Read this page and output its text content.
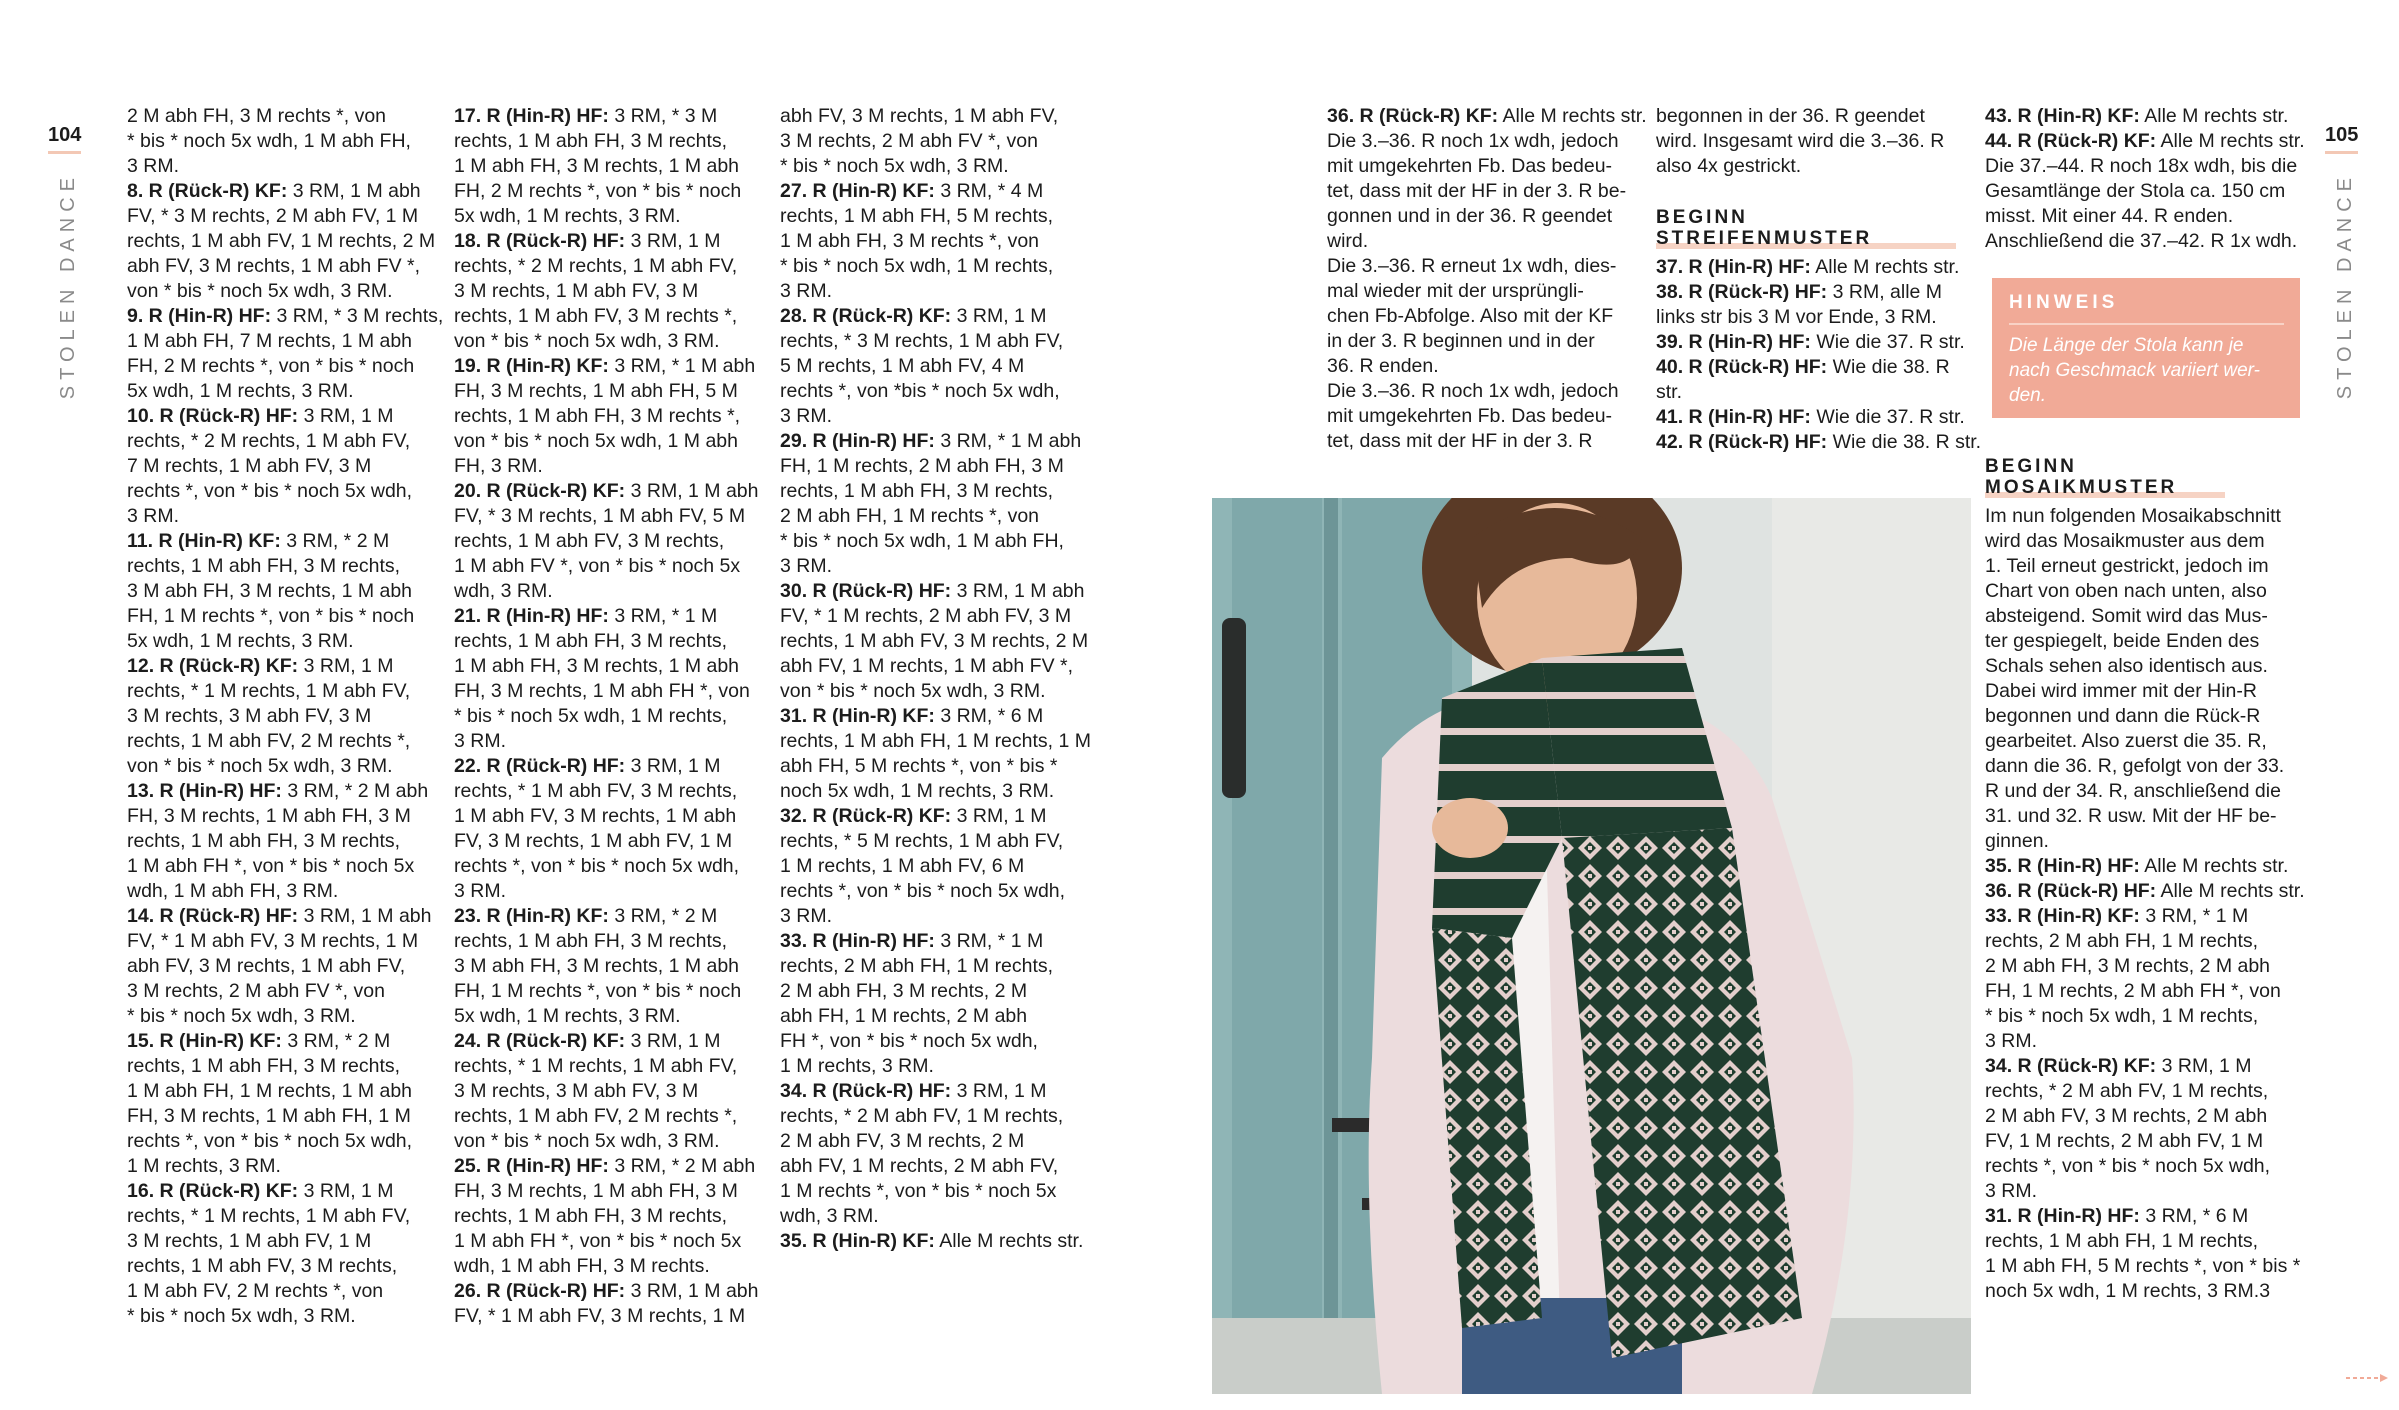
104
STOLEN DANCE
2 M abh FH, 3 M rechts *, von
* bis * noch 5x wdh, 1 M abh FH,
3 RM.
8. R (Rück-R) KF: 3 RM, 1 M abh
FV, * 3 M rechts, 2 M abh FV, 1 M
rechts, 1 M abh FV, 1 M rechts, 2 M
abh FV, 3 M rechts, 1 M abh FV *,
von * bis * noch 5x wdh, 3 RM.
9. R (Hin-R) HF: 3 RM, * 3 M rechts,
1 M abh FH, 7 M rechts, 1 M abh
FH, 2 M rechts *, von * bis * noch
5x wdh, 1 M rechts, 3 RM.
10. R (Rück-R) HF: 3 RM, 1 M
rechts, * 2 M rechts, 1 M abh FV,
7 M rechts, 1 M abh FV, 3 M
rechts *, von * bis * noch 5x wdh,
3 RM.
11. R (Hin-R) KF: 3 RM, * 2 M
rechts, 1 M abh FH, 3 M rechts,
3 M abh FH, 3 M rechts, 1 M abh
FH, 1 M rechts *, von * bis * noch
5x wdh, 1 M rechts, 3 RM.
12. R (Rück-R) KF: 3 RM, 1 M
rechts, * 1 M rechts, 1 M abh FV,
3 M rechts, 3 M abh FV, 3 M
rechts, 1 M abh FV, 2 M rechts *,
von * bis * noch 5x wdh, 3 RM.
13. R (Hin-R) HF: 3 RM, * 2 M abh
FH, 3 M rechts, 1 M abh FH, 3 M
rechts, 1 M abh FH, 3 M rechts,
1 M abh FH *, von * bis * noch 5x
wdh, 1 M abh FH, 3 RM.
14. R (Rück-R) HF: 3 RM, 1 M abh
FV, * 1 M abh FV, 3 M rechts, 1 M
abh FV, 3 M rechts, 1 M abh FV,
3 M rechts, 2 M abh FV *, von
* bis * noch 5x wdh, 3 RM.
15. R (Hin-R) KF: 3 RM, * 2 M
rechts, 1 M abh FH, 3 M rechts,
1 M abh FH, 1 M rechts, 1 M abh
FH, 3 M rechts, 1 M abh FH, 1 M
rechts *, von * bis * noch 5x wdh,
1 M rechts, 3 RM.
16. R (Rück-R) KF: 3 RM, 1 M
rechts, * 1 M rechts, 1 M abh FV,
3 M rechts, 1 M abh FV, 1 M
rechts, 1 M abh FV, 3 M rechts,
1 M abh FV, 2 M rechts *, von
* bis * noch 5x wdh, 3 RM.
17. R (Hin-R) HF: 3 RM, * 3 M
rechts, 1 M abh FH, 3 M rechts,
1 M abh FH, 3 M rechts, 1 M abh
FH, 2 M rechts *, von * bis * noch
5x wdh, 1 M rechts, 3 RM.
18. R (Rück-R) HF: 3 RM, 1 M
rechts, * 2 M rechts, 1 M abh FV,
3 M rechts, 1 M abh FV, 3 M
rechts, 1 M abh FV, 3 M rechts *,
von * bis * noch 5x wdh, 3 RM.
19. R (Hin-R) KF: 3 RM, * 1 M abh
FH, 3 M rechts, 1 M abh FH, 5 M
rechts, 1 M abh FH, 3 M rechts *,
von * bis * noch 5x wdh, 1 M abh
FH, 3 RM.
20. R (Rück-R) KF: 3 RM, 1 M abh
FV, * 3 M rechts, 1 M abh FV, 5 M
rechts, 1 M abh FV, 3 M rechts,
1 M abh FV *, von * bis * noch 5x
wdh, 3 RM.
21. R (Hin-R) HF: 3 RM, * 1 M
rechts, 1 M abh FH, 3 M rechts,
1 M abh FH, 3 M rechts, 1 M abh
FH, 3 M rechts, 1 M abh FH *, von
* bis * noch 5x wdh, 1 M rechts,
3 RM.
22. R (Rück-R) HF: 3 RM, 1 M
rechts, * 1 M abh FV, 3 M rechts,
1 M abh FV, 3 M rechts, 1 M abh
FV, 3 M rechts, 1 M abh FV, 1 M
rechts *, von * bis * noch 5x wdh,
3 RM.
23. R (Hin-R) KF: 3 RM, * 2 M
rechts, 1 M abh FH, 3 M rechts,
3 M abh FH, 3 M rechts, 1 M abh
FH, 1 M rechts *, von * bis * noch
5x wdh, 1 M rechts, 3 RM.
24. R (Rück-R) KF: 3 RM, 1 M
rechts, * 1 M rechts, 1 M abh FV,
3 M rechts, 3 M abh FV, 3 M
rechts, 1 M abh FV, 2 M rechts *,
von * bis * noch 5x wdh, 3 RM.
25. R (Hin-R) HF: 3 RM, * 2 M abh
FH, 3 M rechts, 1 M abh FH, 3 M
rechts, 1 M abh FH, 3 M rechts,
1 M abh FH *, von * bis * noch 5x
wdh, 1 M abh FH, 3 M rechts.
26. R (Rück-R) HF: 3 RM, 1 M abh
FV, * 1 M abh FV, 3 M rechts, 1 M
abh FV, 3 M rechts, 1 M abh FV,
3 M rechts, 2 M abh FV *, von
* bis * noch 5x wdh, 3 RM.
27. R (Hin-R) KF: 3 RM, * 4 M
rechts, 1 M abh FH, 5 M rechts,
1 M abh FH, 3 M rechts *, von
* bis * noch 5x wdh, 1 M rechts,
3 RM.
28. R (Rück-R) KF: 3 RM, 1 M
rechts, * 3 M rechts, 1 M abh FV,
5 M rechts, 1 M abh FV, 4 M
rechts *, von *bis * noch 5x wdh,
3 RM.
29. R (Hin-R) HF: 3 RM, * 1 M abh
FH, 1 M rechts, 2 M abh FH, 3 M
rechts, 1 M abh FH, 3 M rechts,
2 M abh FH, 1 M rechts *, von
* bis * noch 5x wdh, 1 M abh FH,
3 RM.
30. R (Rück-R) HF: 3 RM, 1 M abh
FV, * 1 M rechts, 2 M abh FV, 3 M
rechts, 1 M abh FV, 3 M rechts, 2 M
abh FV, 1 M rechts, 1 M abh FV *,
von * bis * noch 5x wdh, 3 RM.
31. R (Hin-R) KF: 3 RM, * 6 M
rechts, 1 M abh FH, 1 M rechts, 1 M
abh FH, 5 M rechts *, von * bis *
noch 5x wdh, 1 M rechts, 3 RM.
32. R (Rück-R) KF: 3 RM, 1 M
rechts, * 5 M rechts, 1 M abh FV,
1 M rechts, 1 M abh FV, 6 M
rechts *, von * bis * noch 5x wdh,
3 RM.
33. R (Hin-R) HF: 3 RM, * 1 M
rechts, 2 M abh FH, 1 M rechts,
2 M abh FH, 3 M rechts, 2 M
abh FH, 1 M rechts, 2 M abh
FH *, von * bis * noch 5x wdh,
1 M rechts, 3 RM.
34. R (Rück-R) HF: 3 RM, 1 M
rechts, * 2 M abh FV, 1 M rechts,
2 M abh FV, 3 M rechts, 2 M
abh FV, 1 M rechts, 2 M abh FV,
1 M rechts *, von * bis * noch 5x
wdh, 3 RM.
35. R (Hin-R) KF: Alle M rechts str.
105
STOLEN DANCE
36. R (Rück-R) KF: Alle M rechts str.
Die 3.–36. R noch 1x wdh, jedoch
mit umgekehrten Fb. Das bedeu-
tet, dass mit der HF in der 3. R be-
gonnen und in der 36. R geendet
wird.
Die 3.–36. R erneut 1x wdh, dies-
mal wieder mit der ursprüngli-
chen Fb-Abfolge. Also mit der KF
in der 3. R beginnen und in der
36. R enden.
Die 3.–36. R noch 1x wdh, jedoch
mit umgekehrten Fb. Das bedeu-
tet, dass mit der HF in der 3. R
begonnen in der 36. R geendet
wird. Insgesamt wird die 3.–36. R
also 4x gestrickt.
BEGINN
STREIFENMUSTER
37. R (Hin-R) HF: Alle M rechts str.
38. R (Rück-R) HF: 3 RM, alle M
links str bis 3 M vor Ende, 3 RM.
39. R (Hin-R) HF: Wie die 37. R str.
40. R (Rück-R) HF: Wie die 38. R
str.
41. R (Hin-R) HF: Wie die 37. R str.
42. R (Rück-R) HF: Wie die 38. R str.
43. R (Hin-R) KF: Alle M rechts str.
44. R (Rück-R) KF: Alle M rechts str.
Die 37.–44. R noch 18x wdh, bis die
Gesamtlänge der Stola ca. 150 cm
misst. Mit einer 44. R enden.
Anschließend die 37.–42. R 1x wdh.
HINWEIS
Die Länge der Stola kann je
nach Geschmack variiert wer-
den.
BEGINN
MOSAIKMUSTER
Im nun folgenden Mosaikabschnitt
wird das Mosaikmuster aus dem
1. Teil erneut gestrickt, jedoch im
Chart von oben nach unten, also
absteigend. Somit wird das Mus-
ter gespiegelt, beide Enden des
Schals sehen also identisch aus.
Dabei wird immer mit der Hin-R
begonnen und dann die Rück-R
gearbeitet. Also zuerst die 35. R,
dann die 36. R, gefolgt von der 33.
R und der 34. R, anschließend die
31. und 32. R usw. Mit der HF be-
ginnen.
35. R (Hin-R) HF: Alle M rechts str.
36. R (Rück-R) HF: Alle M rechts str.
33. R (Hin-R) KF: 3 RM, * 1 M
rechts, 2 M abh FH, 1 M rechts,
2 M abh FH, 3 M rechts, 2 M abh
FH, 1 M rechts, 2 M abh FH *, von
* bis * noch 5x wdh, 1 M rechts,
3 RM.
34. R (Rück-R) KF: 3 RM, 1 M
rechts, * 2 M abh FV, 1 M rechts,
2 M abh FV, 3 M rechts, 2 M abh
FV, 1 M rechts, 2 M abh FV, 1 M
rechts *, von * bis * noch 5x wdh,
3 RM.
31. R (Hin-R) HF: 3 RM, * 6 M
rechts, 1 M abh FH, 1 M rechts,
1 M abh FH, 5 M rechts *, von * bis *
noch 5x wdh, 1 M rechts, 3 RM.3
